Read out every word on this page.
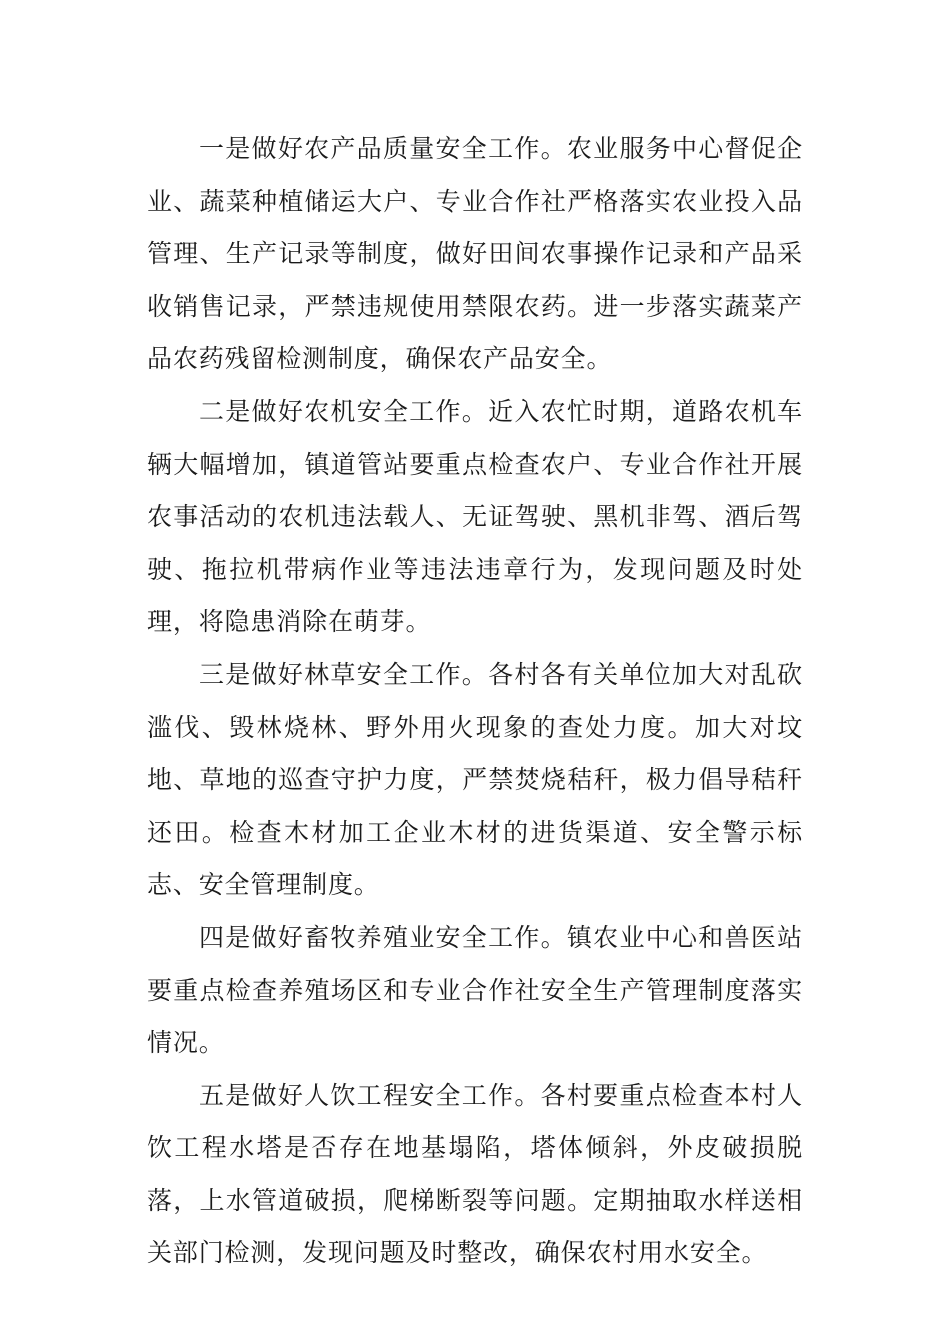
一是做好农产品质量安全工作。农业服务中心督促企业、蔬菜种植储运大户、专业合作社严格落实农业投入品管理、生产记录等制度，做好田间农事操作记录和产品采收销售记录，严禁违规使用禁限农药。进一步落实蔬菜产品农药残留检测制度，确保农产品安全。

二是做好农机安全工作。近入农忙时期，道路农机车辆大幅增加，镇道管站要重点检查农户、专业合作社开展农事活动的农机违法载人、无证驾驶、黑机非驾、酒后驾驶、拖拉机带病作业等违法违章行为，发现问题及时处理，将隐患消除在萌芽。

三是做好林草安全工作。各村各有关单位加大对乱砍滥伐、毁林烧林、野外用火现象的查处力度。加大对坟地、草地的巡查守护力度，严禁焚烧秸秆，极力倡导秸秆还田。检查木材加工企业木材的进货渠道、安全警示标志、安全管理制度。

四是做好畜牧养殖业安全工作。镇农业中心和兽医站要重点检查养殖场区和专业合作社安全生产管理制度落实情况。

五是做好人饮工程安全工作。各村要重点检查本村人饮工程水塔是否存在地基塌陷，塔体倾斜，外皮破损脱落，上水管道破损，爬梯断裂等问题。定期抽取水样送相关部门检测，发现问题及时整改，确保农村用水安全。
